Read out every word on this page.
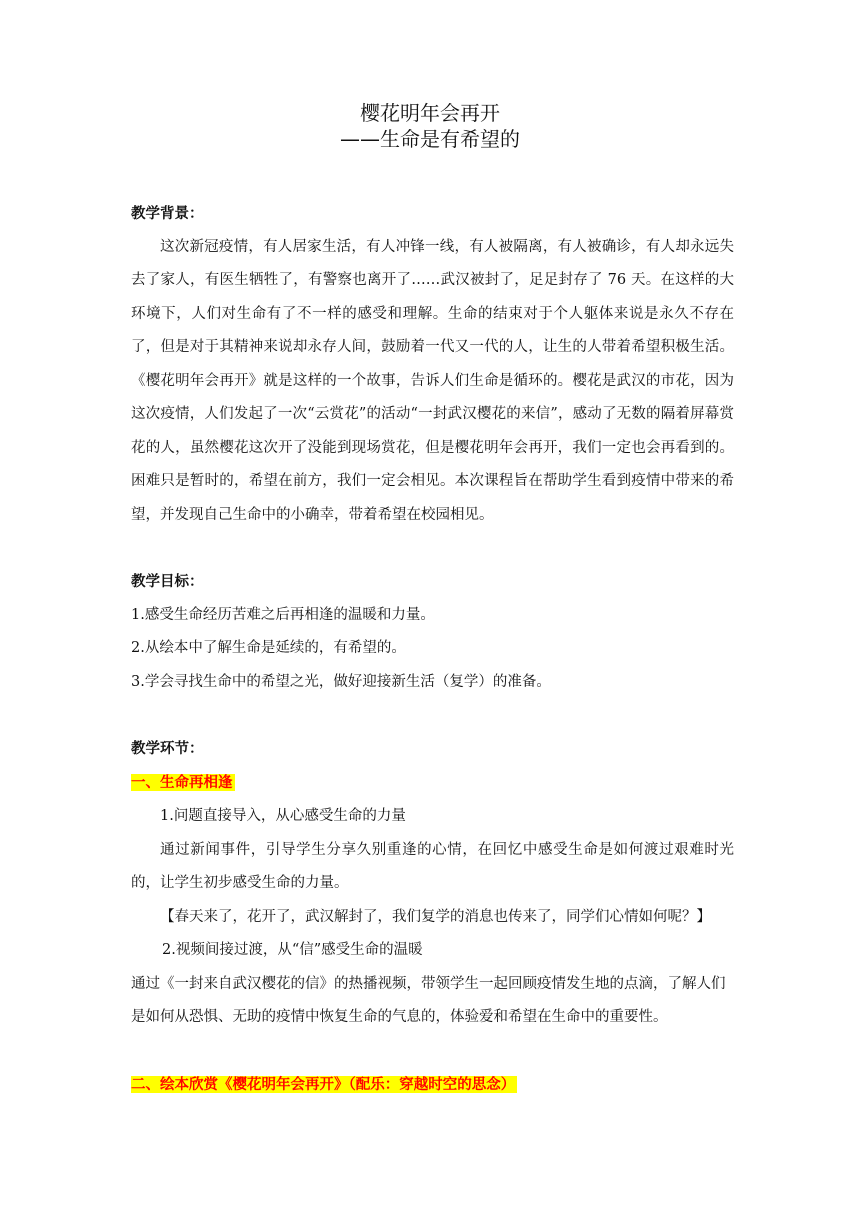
樱花明年会再开

——生命是有希望的

教学背景：

这次新冠疫情，有人居家生活，有人冲锋一线，有人被隔离，有人被确诊，有人却永远失去了家人，有医生牺牲了，有警察也离开了……武汉被封了，足足封存了 76 天。在这样的大环境下，人们对生命有了不一样的感受和理解。生命的结束对于个人躯体来说是永久不存在了，但是对于其精神来说却永存人间，鼓励着一代又一代的人，让生的人带着希望积极生活。《樱花明年会再开》就是这样的一个故事，告诉人们生命是循环的。樱花是武汉的市花，因为这次疫情，人们发起了一次“云赏花”的活动“一封武汉樱花的来信”，感动了无数的隔着屏幕赏花的人，虽然樱花这次开了没能到现场赏花，但是樱花明年会再开，我们一定也会再看到的。困难只是暂时的，希望在前方，我们一定会相见。本次课程旨在帮助学生看到疫情中带来的希望，并发现自己生命中的小确幸，带着希望在校园相见。

教学目标：

1.感受生命经历苦难之后再相逢的温暖和力量。

2.从绘本中了解生命是延续的，有希望的。

3.学会寻找生命中的希望之光，做好迎接新生活（复学）的准备。

教学环节：

一、生命再相逢

1.问题直接导入，从心感受生命的力量

通过新闻事件，引导学生分享久别重逢的心情，在回忆中感受生命是如何渡过艰难时光的，让学生初步感受生命的力量。

【春天来了，花开了，武汉解封了，我们复学的消息也传来了，同学们心情如何呢？】

2.视频间接过渡，从“信”感受生命的温暖

通过《一封来自武汉樱花的信》的热播视频，带领学生一起回顾疫情发生地的点滴，了解人们是如何从恐惧、无助的疫情中恢复生命的气息的，体验爱和希望在生命中的重要性。

二、绘本欣赏《樱花明年会再开》（配乐：穿越时空的思念）
